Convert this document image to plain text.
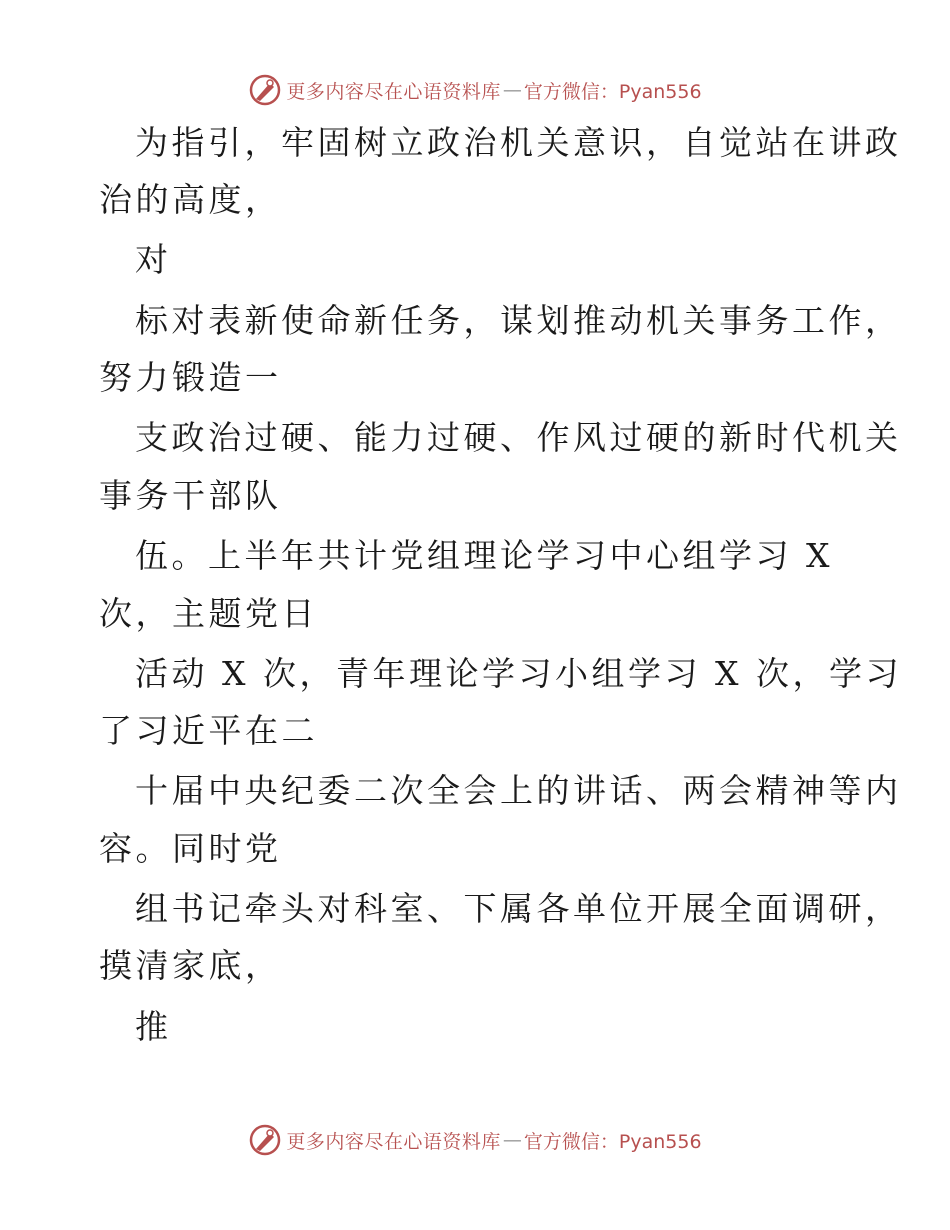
更多内容尽在心语资料库 — 官方微信：Pyan556
为指引，牢固树立政治机关意识，自觉站在讲政
治的高度，
对
标对表新使命新任务，谋划推动机关事务工作，
努力锻造一
支政治过硬、能力过硬、作风过硬的新时代机关
事务干部队
伍。上半年共计党组理论学习中心组学习 X
次，主题党日
活动 X 次，青年理论学习小组学习 X 次，学习
了习近平在二
十届中央纪委二次全会上的讲话、两会精神等内
容。同时党
组书记牵头对科室、下属各单位开展全面调研，
摸清家底，
推
更多内容尽在心语资料库 — 官方微信：Pyan556
